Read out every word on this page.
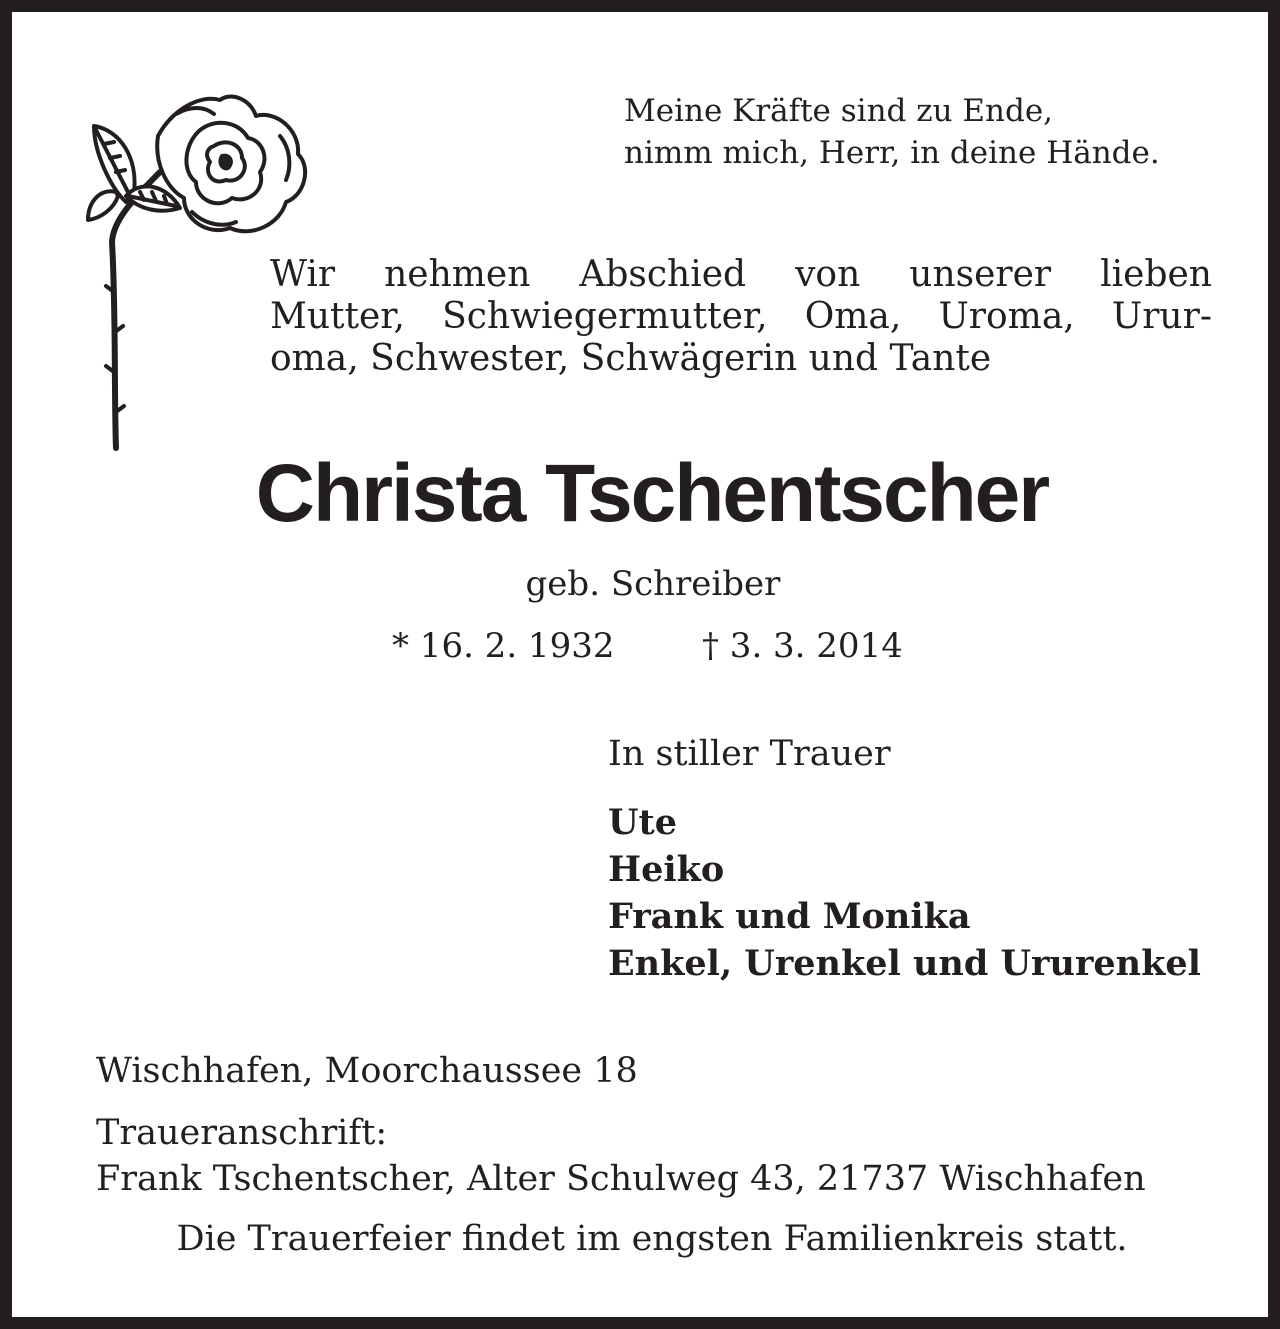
Meine Kräfte sind zu Ende,
nimm mich, Herr, in deine Hände.
Wir nehmen Abschied von unserer lieben
Mutter, Schwiegermutter, Oma, Uroma, Urur-
oma, Schwester, Schwägerin und Tante
Christa Tschentscher
geb. Schreiber
* 16. 2. 1932	† 3. 3. 2014
In stiller Trauer
Ute
Heiko
Frank und Monika
Enkel, Urenkel und Ururenkel
Wischhafen, Moorchaussee 18
Traueranschrift:
Frank Tschentscher, Alter Schulweg 43, 21737 Wischhafen
Die Trauerfeier findet im engsten Familienkreis statt.
